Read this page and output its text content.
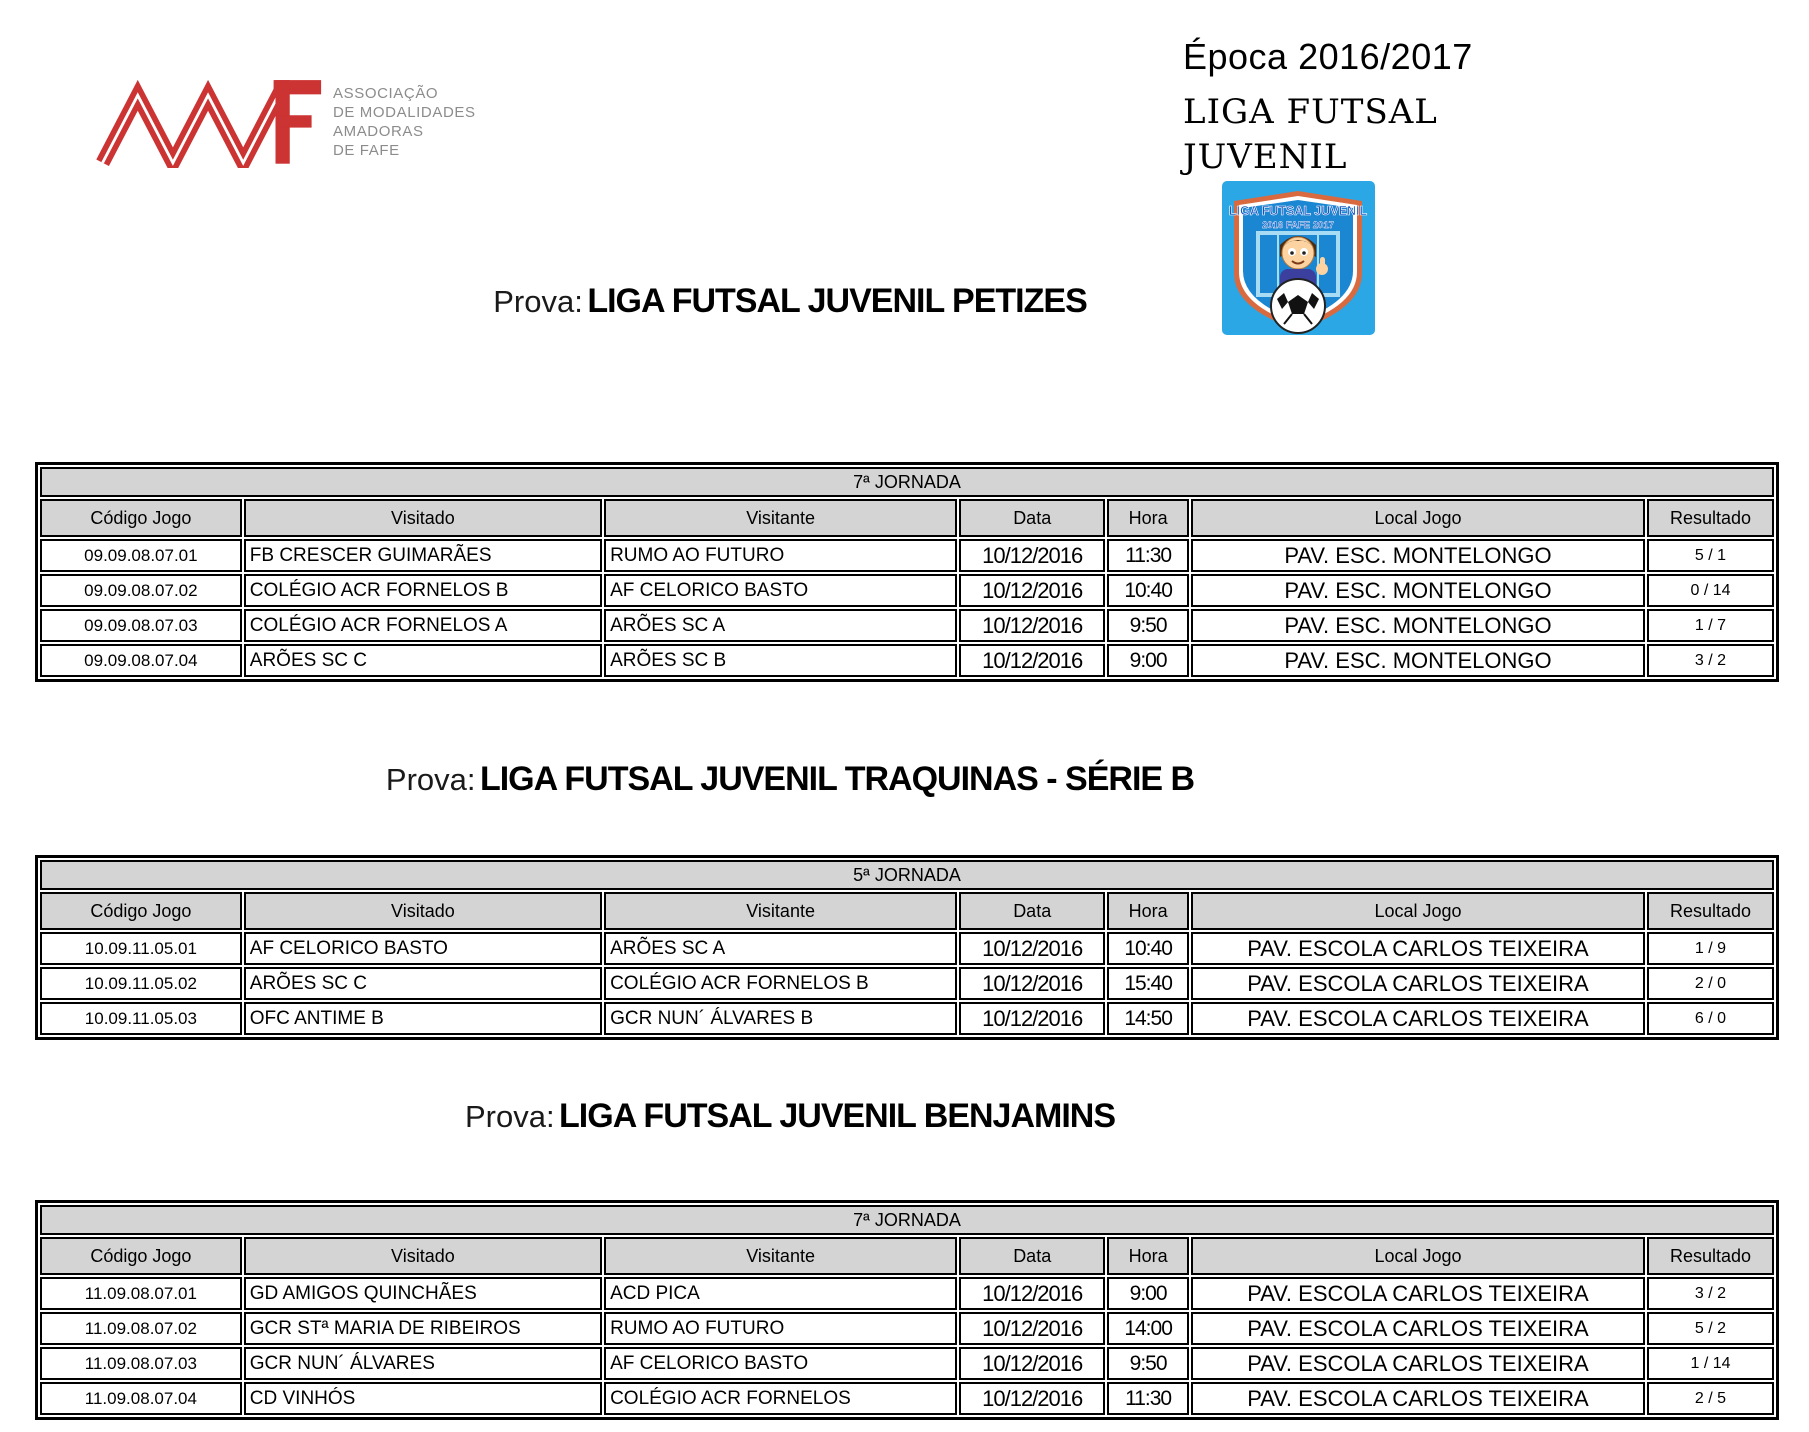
ASSOCIAÇÃO
DE MODALIDADES
AMADORAS
DE FAFE
Época 2016/2017
LIGA FUTSAL
JUVENIL
LIGA FUTSAL JUVENIL
2016 FAFE 2017
Prova: LIGA FUTSAL JUVENIL PETIZES
Prova: LIGA FUTSAL JUVENIL TRAQUINAS - SÉRIE B
Prova: LIGA FUTSAL JUVENIL BENJAMINS
7ª JORNADA						
Código Jogo	Visitado	Visitante	Data	Hora	Local Jogo	Resultado
09.09.08.07.01	FB CRESCER GUIMARÃES	RUMO AO FUTURO	10/12/2016	11:30	PAV. ESC. MONTELONGO	5 / 1
09.09.08.07.02	COLÉGIO ACR FORNELOS B	AF CELORICO BASTO	10/12/2016	10:40	PAV. ESC. MONTELONGO	0 / 14
09.09.08.07.03	COLÉGIO ACR FORNELOS A	ARÕES SC A	10/12/2016	9:50	PAV. ESC. MONTELONGO	1 / 7
09.09.08.07.04	ARÕES SC C	ARÕES SC B	10/12/2016	9:00	PAV. ESC. MONTELONGO	3 / 2
5ª JORNADA						
Código Jogo	Visitado	Visitante	Data	Hora	Local Jogo	Resultado
10.09.11.05.01	AF CELORICO BASTO	ARÕES SC A	10/12/2016	10:40	PAV. ESCOLA CARLOS TEIXEIRA	1 / 9
10.09.11.05.02	ARÕES SC C	COLÉGIO ACR FORNELOS B	10/12/2016	15:40	PAV. ESCOLA CARLOS TEIXEIRA	2 / 0
10.09.11.05.03	OFC ANTIME B	GCR NUN´ ÁLVARES B	10/12/2016	14:50	PAV. ESCOLA CARLOS TEIXEIRA	6 / 0
7ª JORNADA						
Código Jogo	Visitado	Visitante	Data	Hora	Local Jogo	Resultado
11.09.08.07.01	GD AMIGOS QUINCHÃES	ACD PICA	10/12/2016	9:00	PAV. ESCOLA CARLOS TEIXEIRA	3 / 2
11.09.08.07.02	GCR STª MARIA DE RIBEIROS	RUMO AO FUTURO	10/12/2016	14:00	PAV. ESCOLA CARLOS TEIXEIRA	5 / 2
11.09.08.07.03	GCR NUN´ ÁLVARES	AF CELORICO BASTO	10/12/2016	9:50	PAV. ESCOLA CARLOS TEIXEIRA	1 / 14
11.09.08.07.04	CD VINHÓS	COLÉGIO ACR FORNELOS	10/12/2016	11:30	PAV. ESCOLA CARLOS TEIXEIRA	2 / 5
